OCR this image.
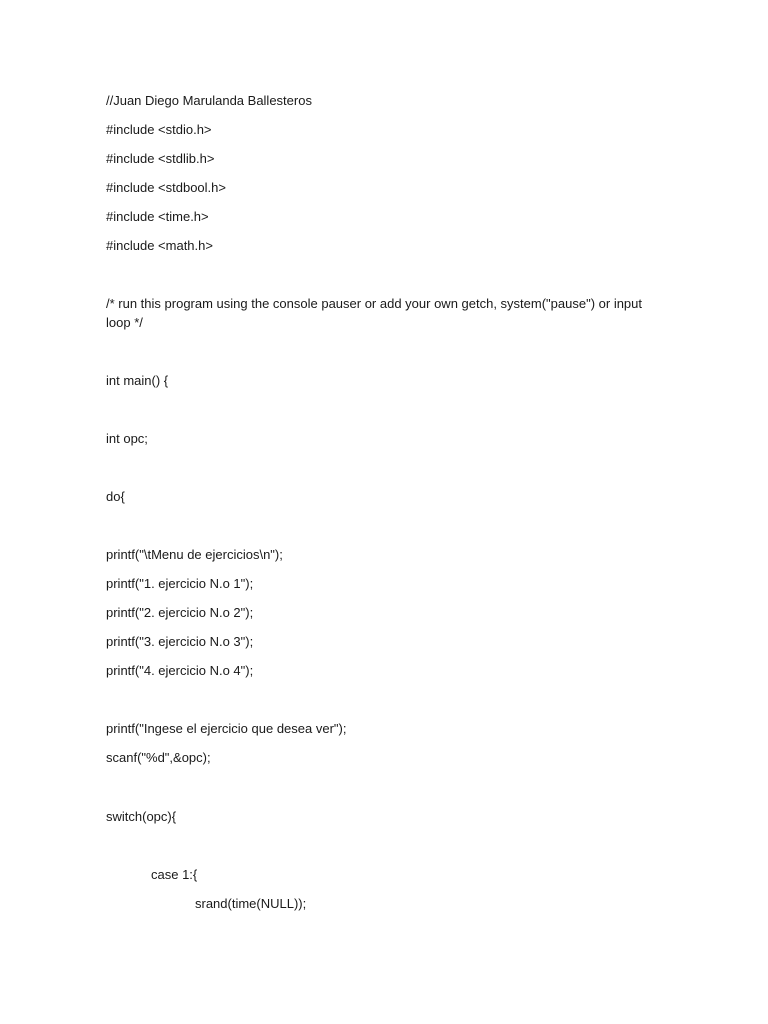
//Juan Diego Marulanda Ballesteros
#include <stdio.h>
#include <stdlib.h>
#include <stdbool.h>
#include <time.h>
#include <math.h>
/* run this program using the console pauser or add your own getch, system("pause") or input
loop */
int main() {
int opc;
do{
printf("\tMenu de ejercicios\n");
printf("1. ejercicio N.o 1");
printf("2. ejercicio N.o 2");
printf("3. ejercicio N.o 3");
printf("4. ejercicio N.o 4");
printf("Ingese el ejercicio que desea ver");
scanf("%d",&opc);
switch(opc){
case 1:{
srand(time(NULL));
